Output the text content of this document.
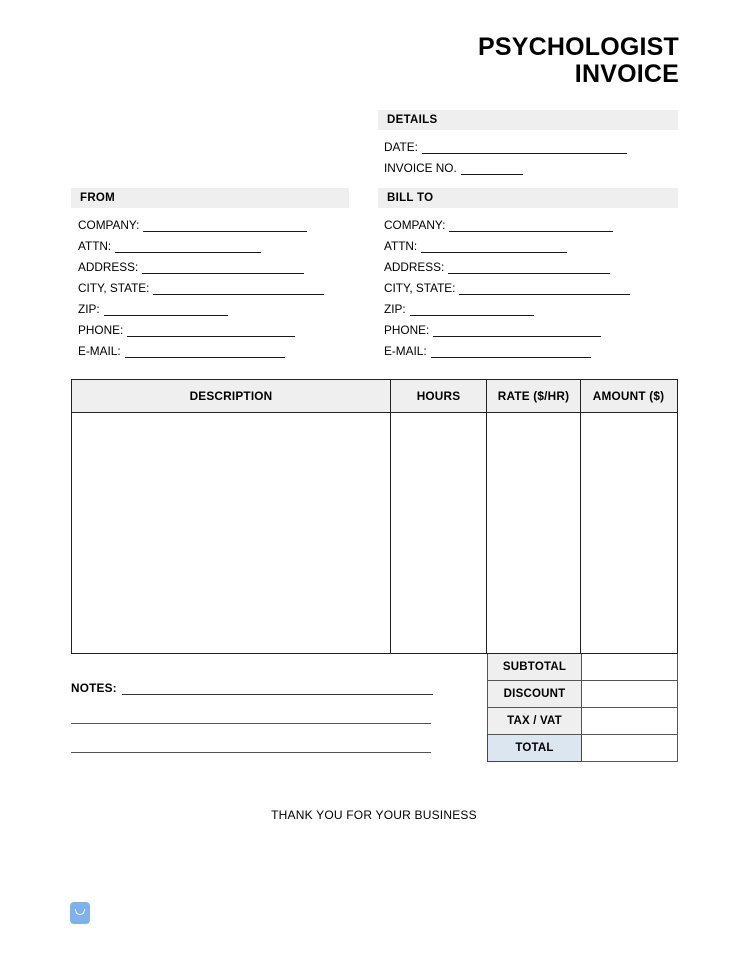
PSYCHOLOGIST
INVOICE
DETAILS
DATE:
INVOICE NO.
FROM
COMPANY:
ATTN:
ADDRESS:
CITY, STATE:
ZIP:
PHONE:
E-MAIL:
BILL TO
COMPANY:
ATTN:
ADDRESS:
CITY, STATE:
ZIP:
PHONE:
E-MAIL:
DESCRIPTION	HOURS	RATE ($/HR)	AMOUNT ($)
SUBTOTAL
DISCOUNT
TAX / VAT
TOTAL
NOTES:
THANK YOU FOR YOUR BUSINESS
